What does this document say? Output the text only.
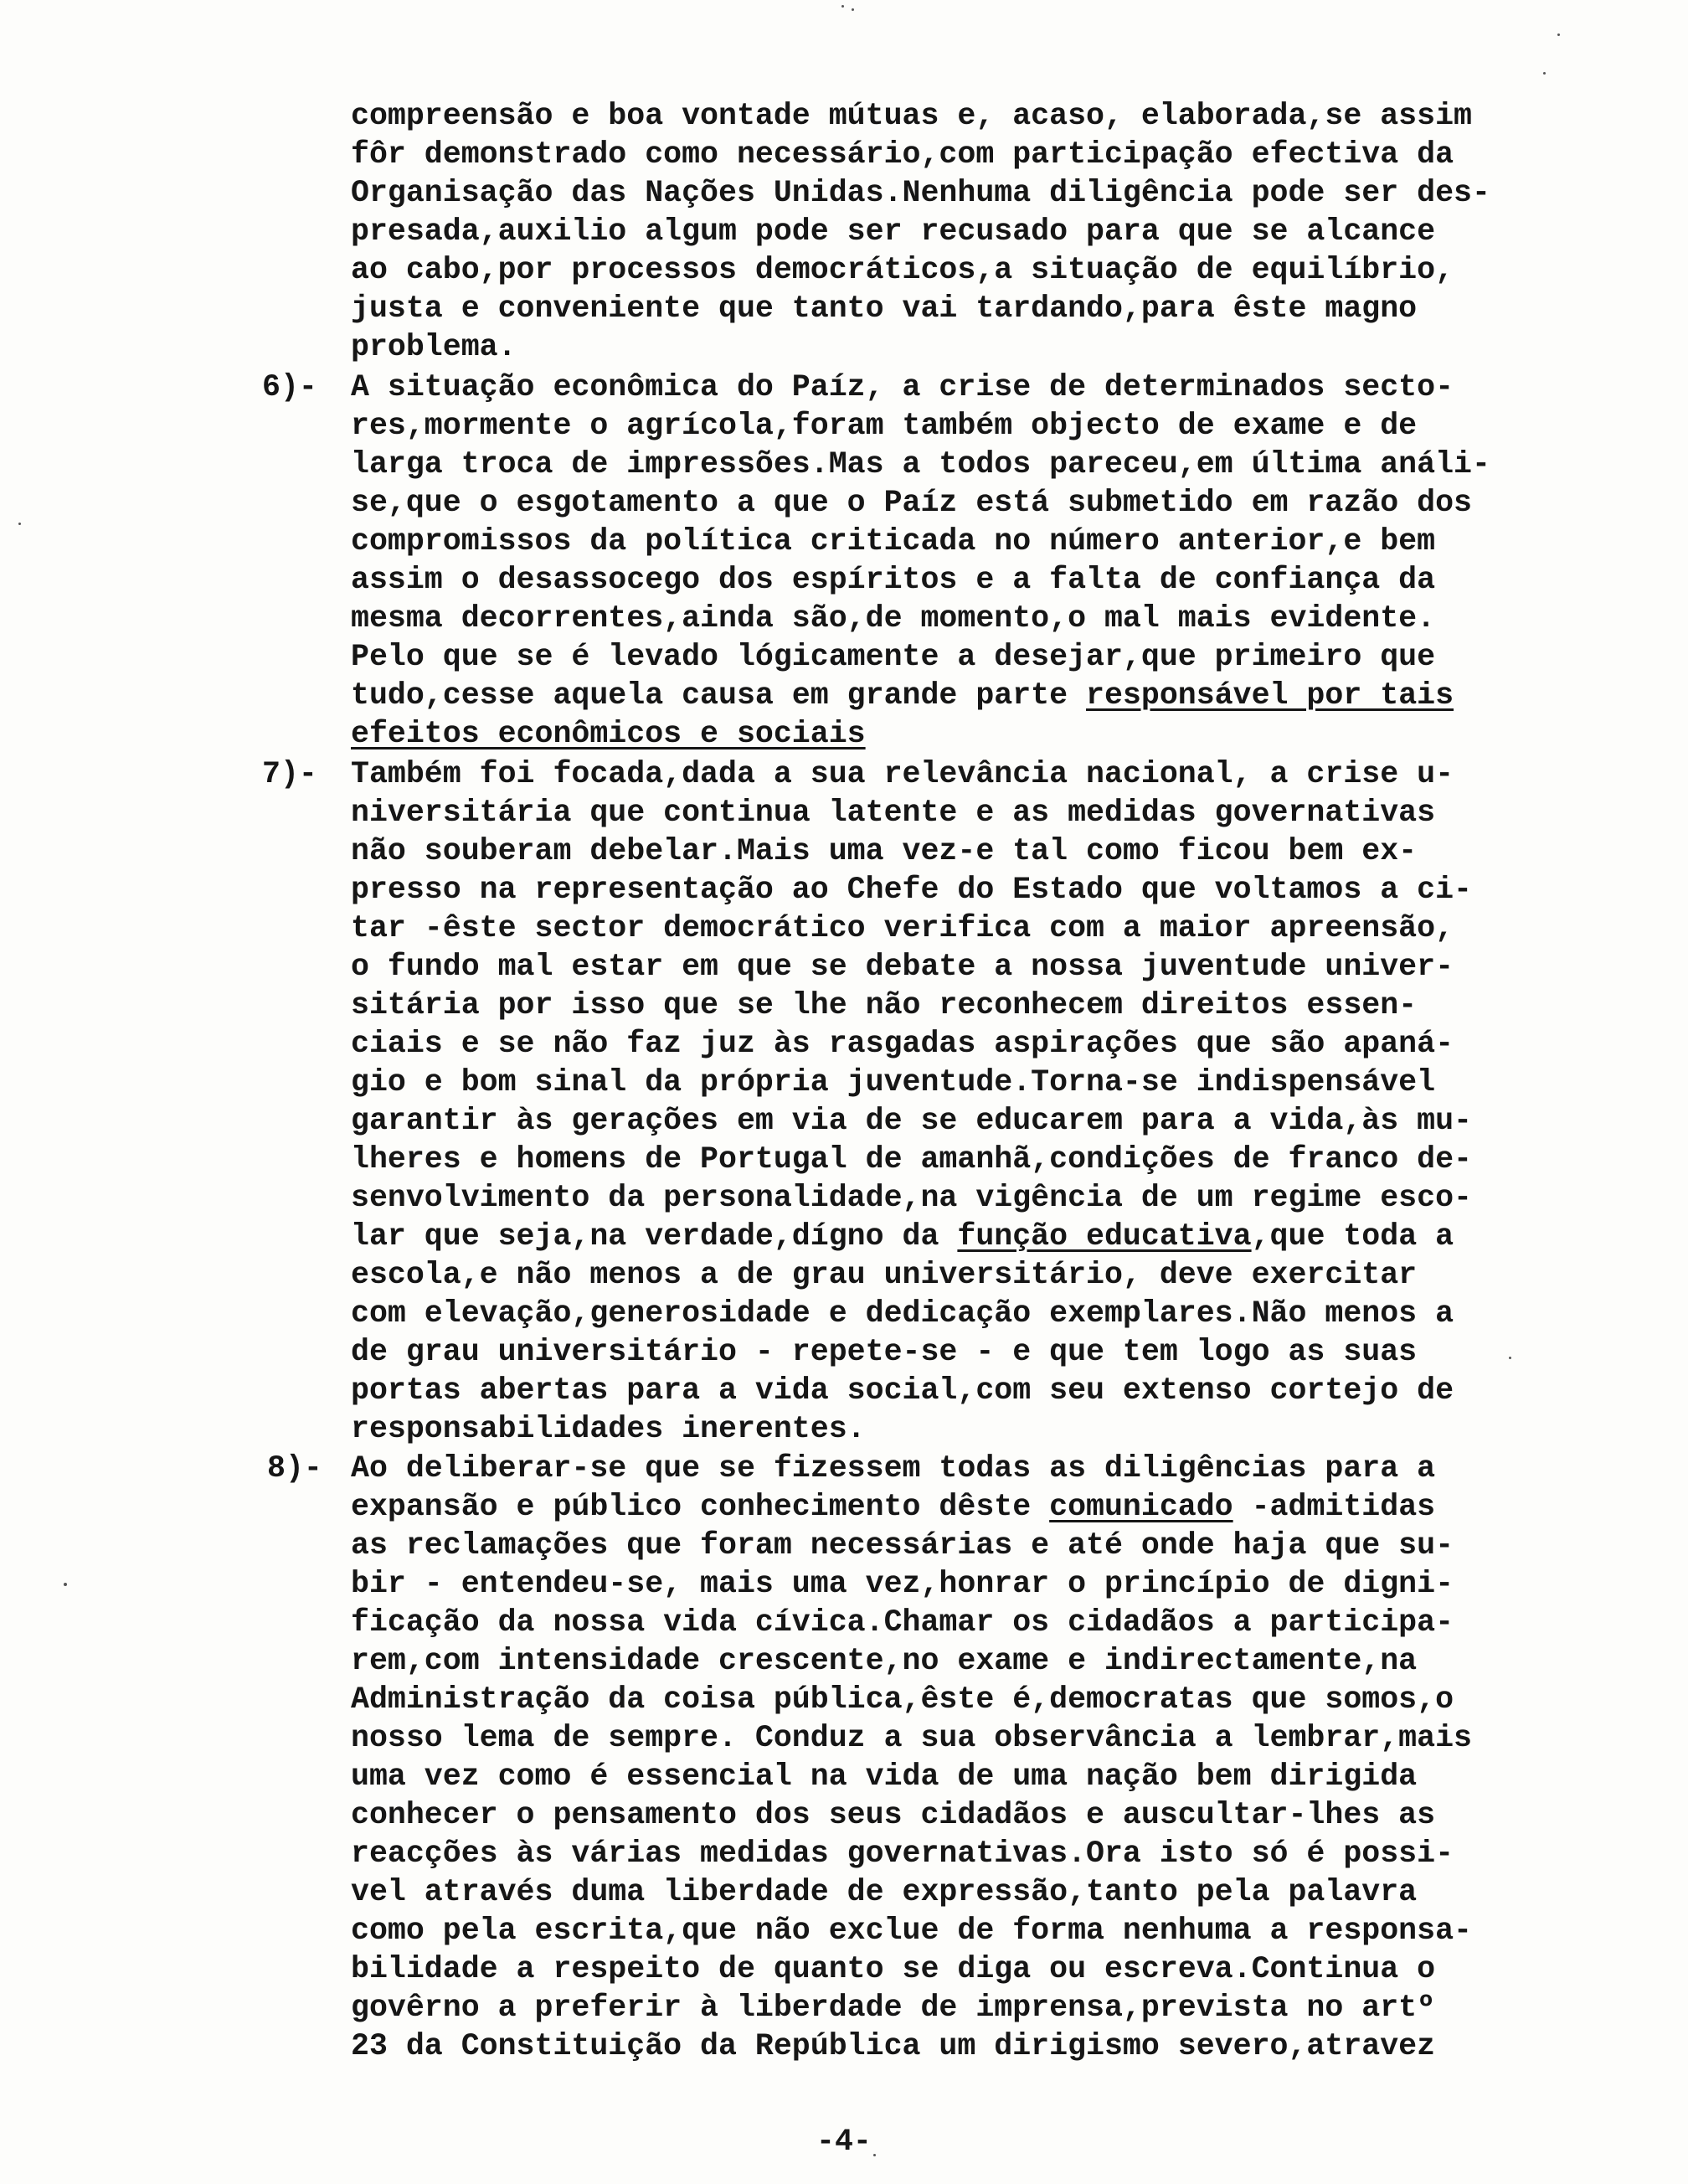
compreensão e boa vontade mútuas e, acaso, elaborada,se assim
fôr demonstrado como necessário,com participação efectiva da
Organisação das Nações Unidas.Nenhuma diligência pode ser des-
presada,auxilio algum pode ser recusado para que se alcance
ao cabo,por processos democráticos,a situação de equilíbrio,
justa e conveniente que tanto vai tardando,para êste magno
problema.
6)- A situação econômica do Paíz, a crise de determinados secto-
res,mormente o agrícola,foram também objecto de exame e de
larga troca de impressões.Mas a todos pareceu,em última análi-
se,que o esgotamento a que o Paíz está submetido em razão dos
compromissos da política criticada no número anterior,e bem
assim o desassocego dos espíritos e a falta de confiança da
mesma decorrentes,ainda são,de momento,o mal mais evidente.
Pelo que se é levado lógicamente a desejar,que primeiro que
tudo,cesse aquela causa em grande parte responsável por tais
efeitos econômicos e sociais
7)- Também foi focada,dada a sua relevância nacional, a crise u-
niversitária que continua latente e as medidas governativas
não souberam debelar.Mais uma vez-e tal como ficou bem ex-
presso na representação ao Chefe do Estado que voltamos a ci-
tar -êste sector democrático verifica com a maior apreensão,
o fundo mal estar em que se debate a nossa juventude univer-
sitária por isso que se lhe não reconhecem direitos essen-
ciais e se não faz juz às rasgadas aspirações que são apaná-
gio e bom sinal da própria juventude.Torna-se indispensável
garantir às gerações em via de se educarem para a vida,às mu-
lheres e homens de Portugal de amanhã,condições de franco de-
senvolvimento da personalidade,na vigência de um regime esco-
lar que seja,na verdade,dígno da função educativa,que toda a
escola,e não menos a de grau universitário, deve exercitar
com elevação,generosidade e dedicação exemplares.Não menos a
de grau universitário - repete-se - e que tem logo as suas
portas abertas para a vida social,com seu extenso cortejo de
responsabilidades inerentes.
8)- Ao deliberar-se que se fizessem todas as diligências para a
expansão e público conhecimento dêste comunicado -admitidas
as reclamações que foram necessárias e até onde haja que su-
bir - entendeu-se, mais uma vez,honrar o princípio de digni-
ficação da nossa vida cívica.Chamar os cidadãos a participa-
rem,com intensidade crescente,no exame e indirectamente,na
Administração da coisa pública,êste é,democratas que somos,o
nosso lema de sempre. Conduz a sua observância a lembrar,mais
uma vez como é essencial na vida de uma nação bem dirigida
conhecer o pensamento dos seus cidadãos e auscultar-lhes as
reacções às várias medidas governativas.Ora isto só é possi-
vel através duma liberdade de expressão,tanto pela palavra
como pela escrita,que não exclue de forma nenhuma a responsa-
bilidade a respeito de quanto se diga ou escreva.Continua o
govêrno a preferir à liberdade de imprensa,prevista no artº
23 da Constituição da República um dirigismo severo,atravez
-4-
